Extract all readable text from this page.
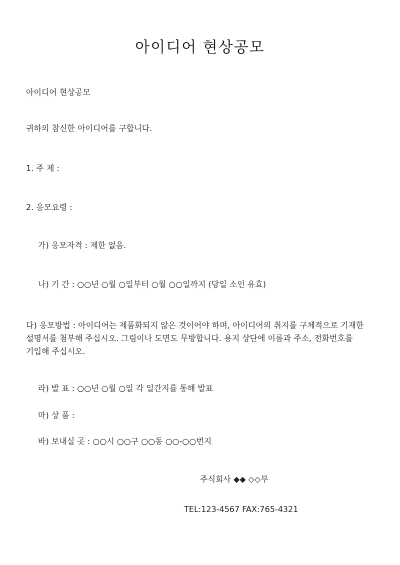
아이디어 현상공모
아이디어 현상공모
귀하의 참신한 아이디어를 구합니다.
1. 주 제 :
2. 응모요령 :
가) 응모자격 : 제한 없음.
나) 기 간 : ○○년 ○월 ○일부터 ○월 ○○일까지 (당일 소인 유효)
다) 응모방법 : 아이디어는 제품화되지 않은 것이어야 하며, 아이디어의 취지를 구체적으로 기재한 설명서를 첨부해 주십시오. 그림이나 도면도 무방합니다. 용지 상단에 이름과 주소, 전화번호를 기입해 주십시오.
라) 발 표 : ○○년 ○월 ○일 각 일간지를 통해 발표
마) 상 품 :
바) 보내실 곳 : ○○시 ○○구 ○○동 ○○-○○번지
주식회사 ◆◆ ◇◇부
TEL:123-4567 FAX:765-4321
